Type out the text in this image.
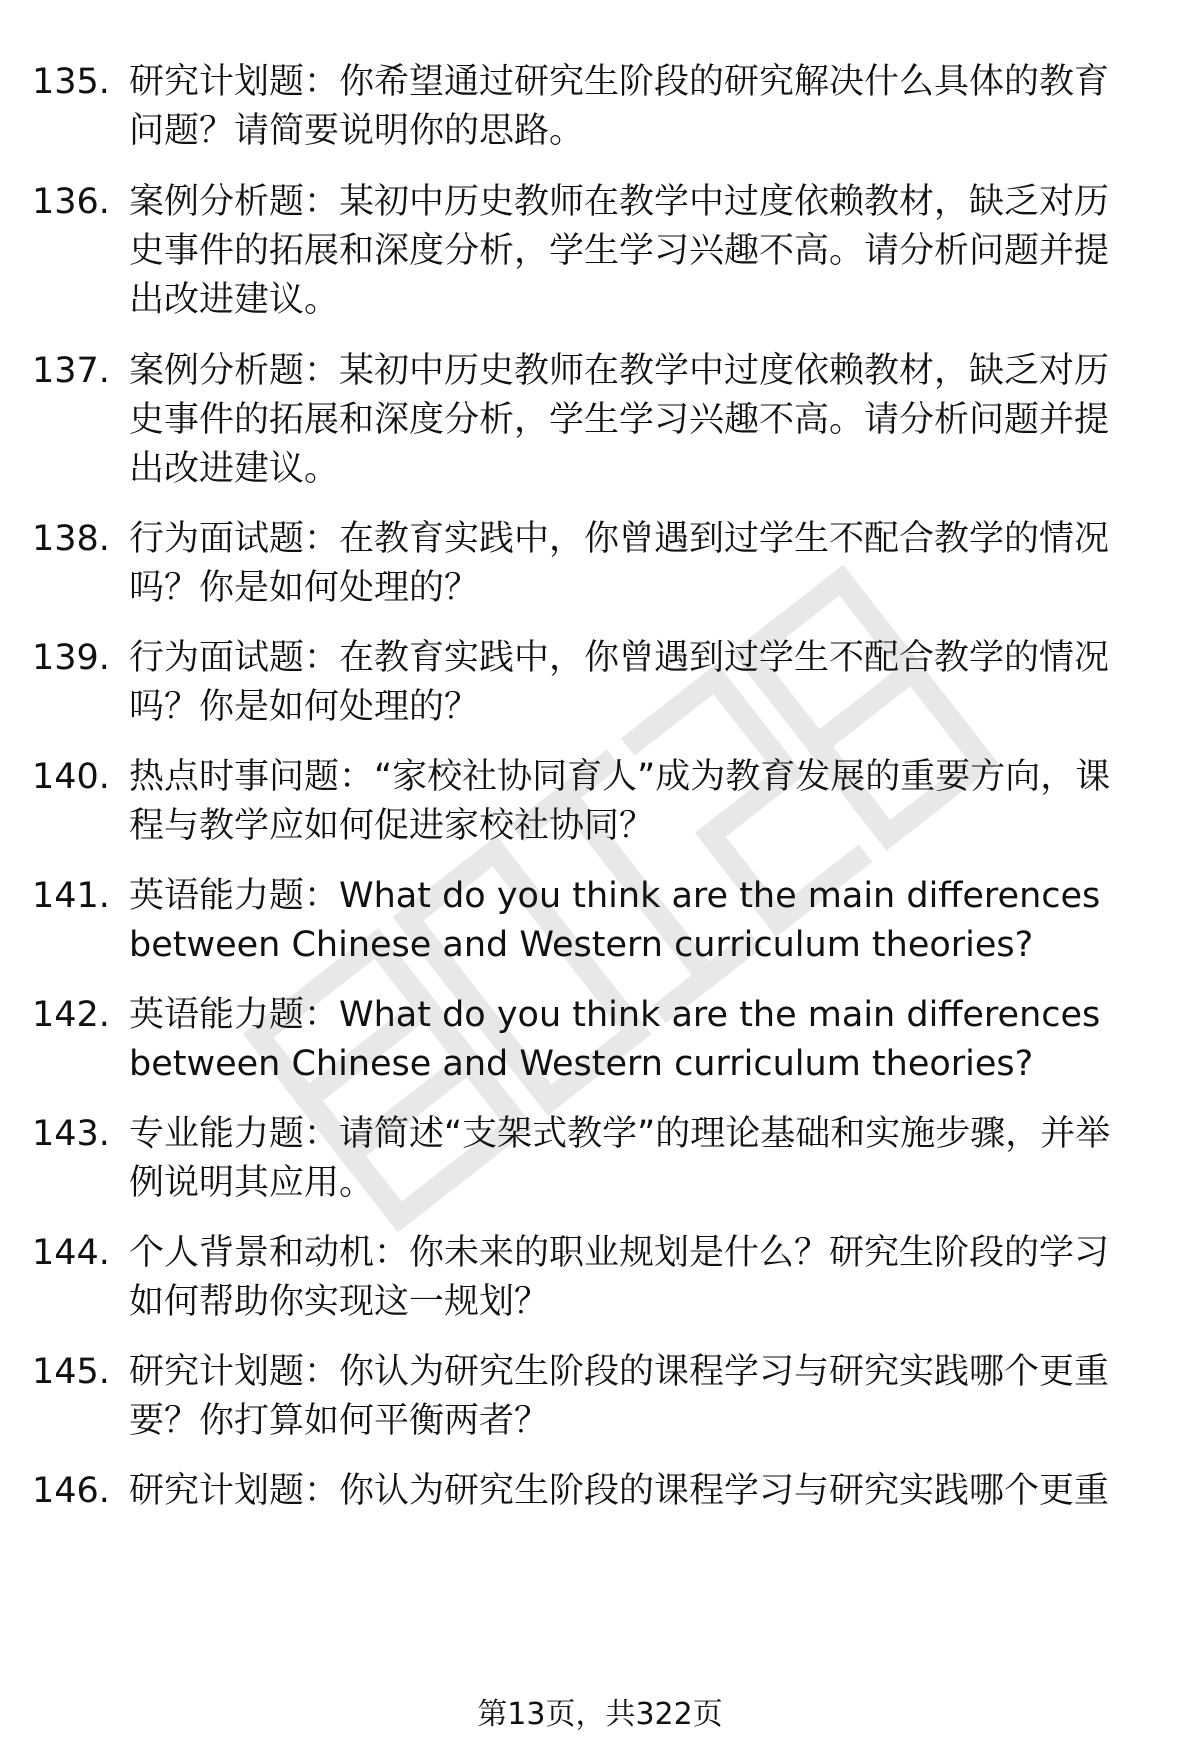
135. 研究计划题：你希望通过研究生阶段的研究解决什么具体的教育问题？请简要说明你的思路。
136. 案例分析题：某初中历史教师在教学中过度依赖教材，缺乏对历史事件的拓展和深度分析，学生学习兴趣不高。请分析问题并提出改进建议。
137. 案例分析题：某初中历史教师在教学中过度依赖教材，缺乏对历史事件的拓展和深度分析，学生学习兴趣不高。请分析问题并提出改进建议。
138. 行为面试题：在教育实践中，你曾遇到过学生不配合教学的情况吗？你是如何处理的？
139. 行为面试题：在教育实践中，你曾遇到过学生不配合教学的情况吗？你是如何处理的？
140. 热点时事问题：“家校社协同育人”成为教育发展的重要方向，课程与教学应如何促进家校社协同？
141. 英语能力题：What do you think are the main differences between Chinese and Western curriculum theories?
142. 英语能力题：What do you think are the main differences between Chinese and Western curriculum theories?
143. 专业能力题：请简述“支架式教学”的理论基础和实施步骤，并举例说明其应用。
144. 个人背景和动机：你未来的职业规划是什么？研究生阶段的学习如何帮助你实现这一规划？
145. 研究计划题：你认为研究生阶段的课程学习与研究实践哪个更重要？你打算如何平衡两者？
146. 研究计划题：你认为研究生阶段的课程学习与研究实践哪个更重
第13页，共322页
